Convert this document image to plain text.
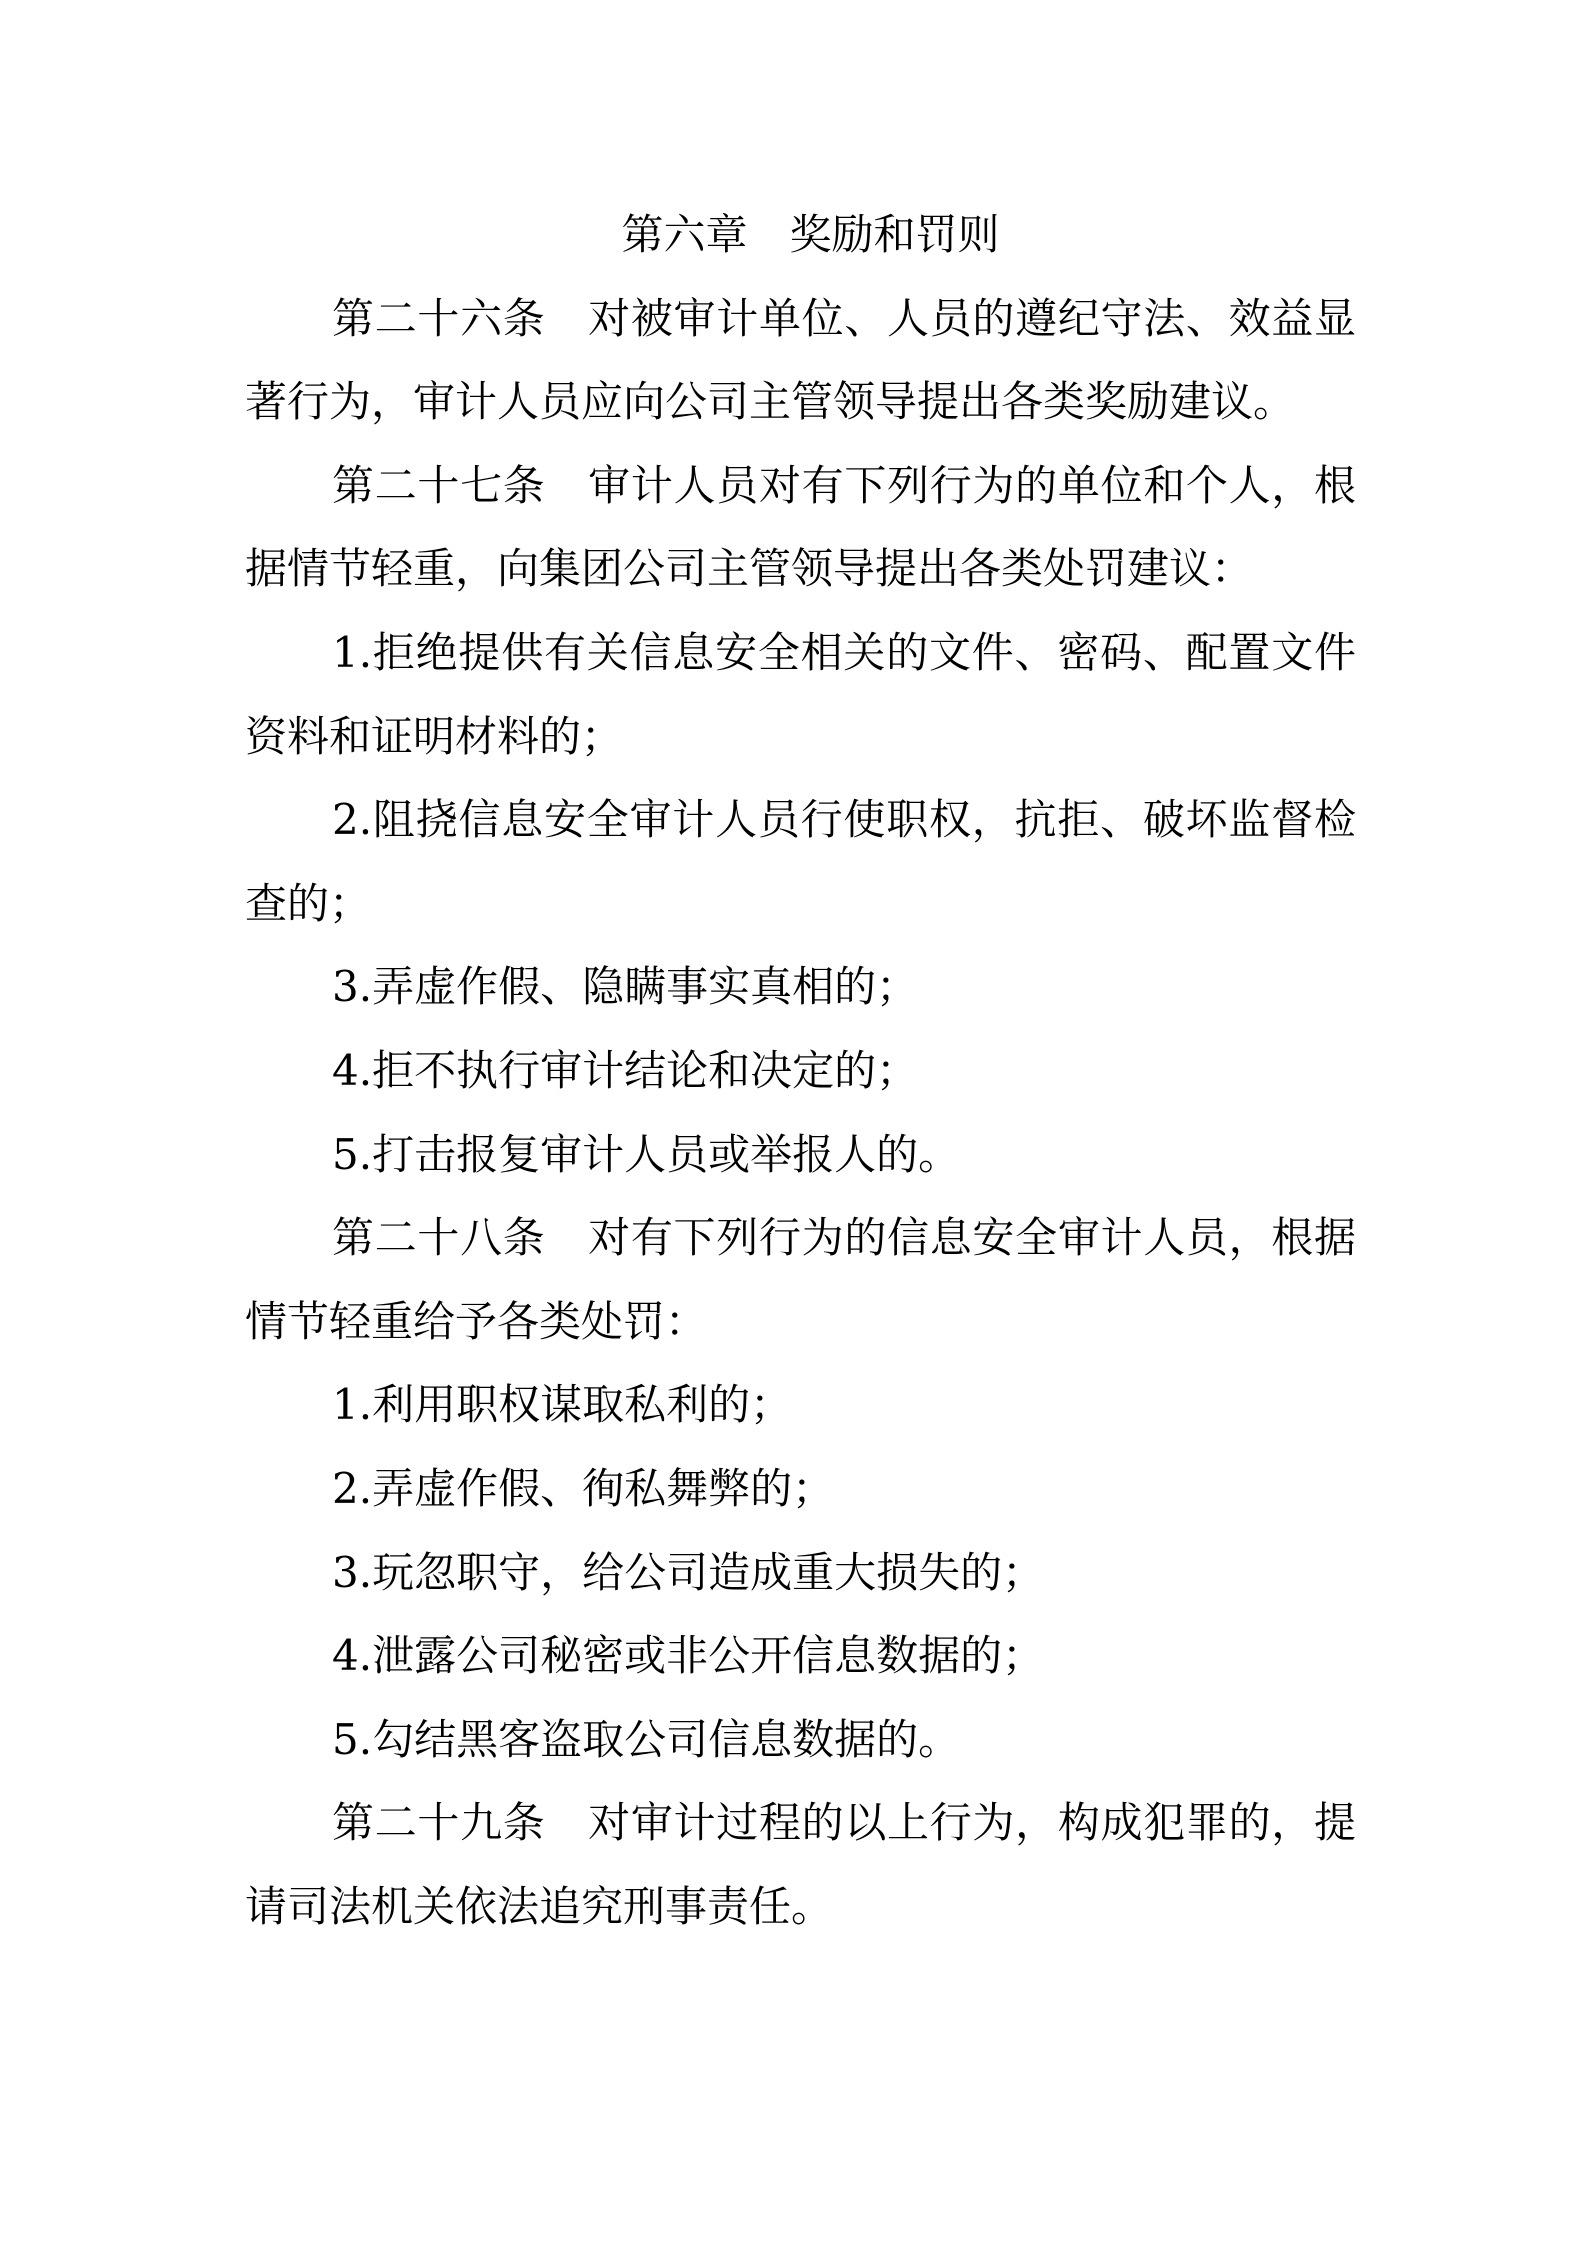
第六章　奖励和罚则
第二十六条　对被审计单位、人员的遵纪守法、效益显
著行为，审计人员应向公司主管领导提出各类奖励建议。
第二十七条　审计人员对有下列行为的单位和个人，根
据情节轻重，向集团公司主管领导提出各类处罚建议：
1.拒绝提供有关信息安全相关的文件、密码、配置文件
资料和证明材料的；
2.阻挠信息安全审计人员行使职权，抗拒、破坏监督检
查的；
3.弄虚作假、隐瞒事实真相的；
4.拒不执行审计结论和决定的；
5.打击报复审计人员或举报人的。
第二十八条　对有下列行为的信息安全审计人员，根据
情节轻重给予各类处罚：
1.利用职权谋取私利的；
2.弄虚作假、徇私舞弊的；
3.玩忽职守，给公司造成重大损失的；
4.泄露公司秘密或非公开信息数据的；
5.勾结黑客盗取公司信息数据的。
第二十九条　对审计过程的以上行为，构成犯罪的，提
请司法机关依法追究刑事责任。
